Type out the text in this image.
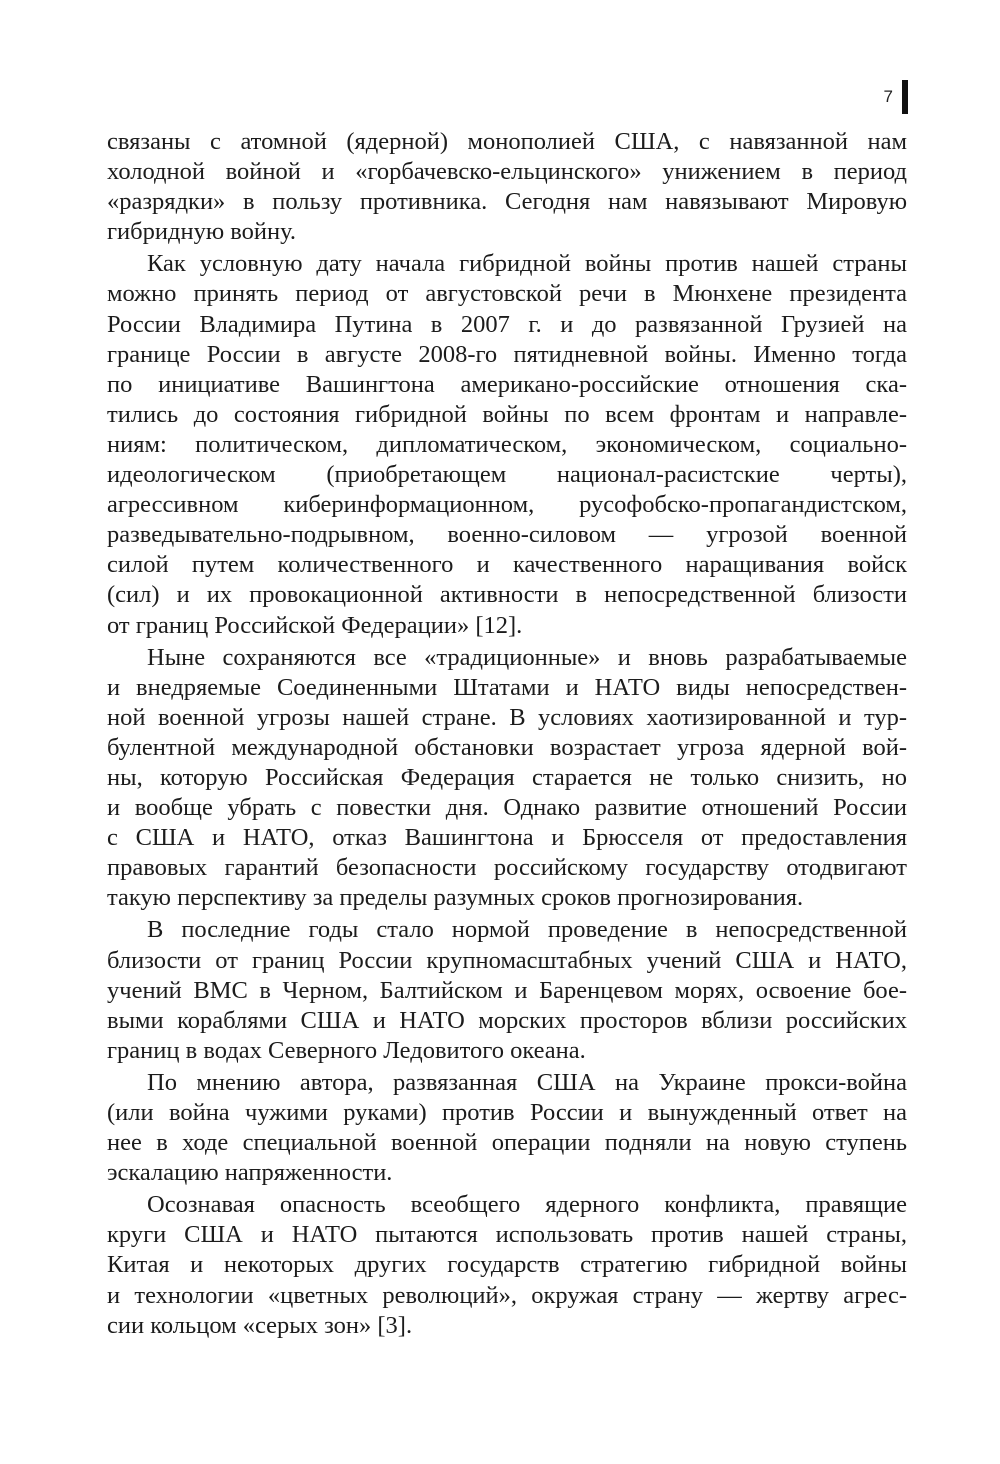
7

связаны с атомной (ядерной) монополией США, с навязанной нам
холодной войной и «горбачевско-ельцинского» унижением в период
«разрядки» в пользу противника. Сегодня нам навязывают Мировую
гибридную войну.

Как условную дату начала гибридной войны против нашей страны
можно принять период от августовской речи в Мюнхене президента
России Владимира Путина в 2007 г. и до развязанной Грузией на
границе России в августе 2008-го пятидневной войны. Именно тогда
по инициативе Вашингтона американо-российские отношения ска-
тились до состояния гибридной войны по всем фронтам и направле-
ниям: политическом, дипломатическом, экономическом, социально-
идеологическом (приобретающем национал-расистские черты),
агрессивном киберинформационном, русофобско-пропагандистском,
разведывательно-подрывном, военно-силовом — угрозой военной
силой путем количественного и качественного наращивания войск
(сил) и их провокационной активности в непосредственной близости
от границ Российской Федерации» [12].

Ныне сохраняются все «традиционные» и вновь разрабатываемые
и внедряемые Соединенными Штатами и НАТО виды непосредствен-
ной военной угрозы нашей стране. В условиях хаотизированной и тур-
булентной международной обстановки возрастает угроза ядерной вой-
ны, которую Российская Федерация старается не только снизить, но
и вообще убрать с повестки дня. Однако развитие отношений России
с США и НАТО, отказ Вашингтона и Брюсселя от предоставления
правовых гарантий безопасности российскому государству отодвигают
такую перспективу за пределы разумных сроков прогнозирования.

В последние годы стало нормой проведение в непосредственной
близости от границ России крупномасштабных учений США и НАТО,
учений ВМС в Черном, Балтийском и Баренцевом морях, освоение бое-
выми кораблями США и НАТО морских просторов вблизи российских
границ в водах Северного Ледовитого океана.

По мнению автора, развязанная США на Украине прокси-война
(или война чужими руками) против России и вынужденный ответ на
нее в ходе специальной военной операции подняли на новую ступень
эскалацию напряженности.

Осознавая опасность всеобщего ядерного конфликта, правящие
круги США и НАТО пытаются использовать против нашей страны,
Китая и некоторых других государств стратегию гибридной войны
и технологии «цветных революций», окружая страну — жертву агрес-
сии кольцом «серых зон» [3].
